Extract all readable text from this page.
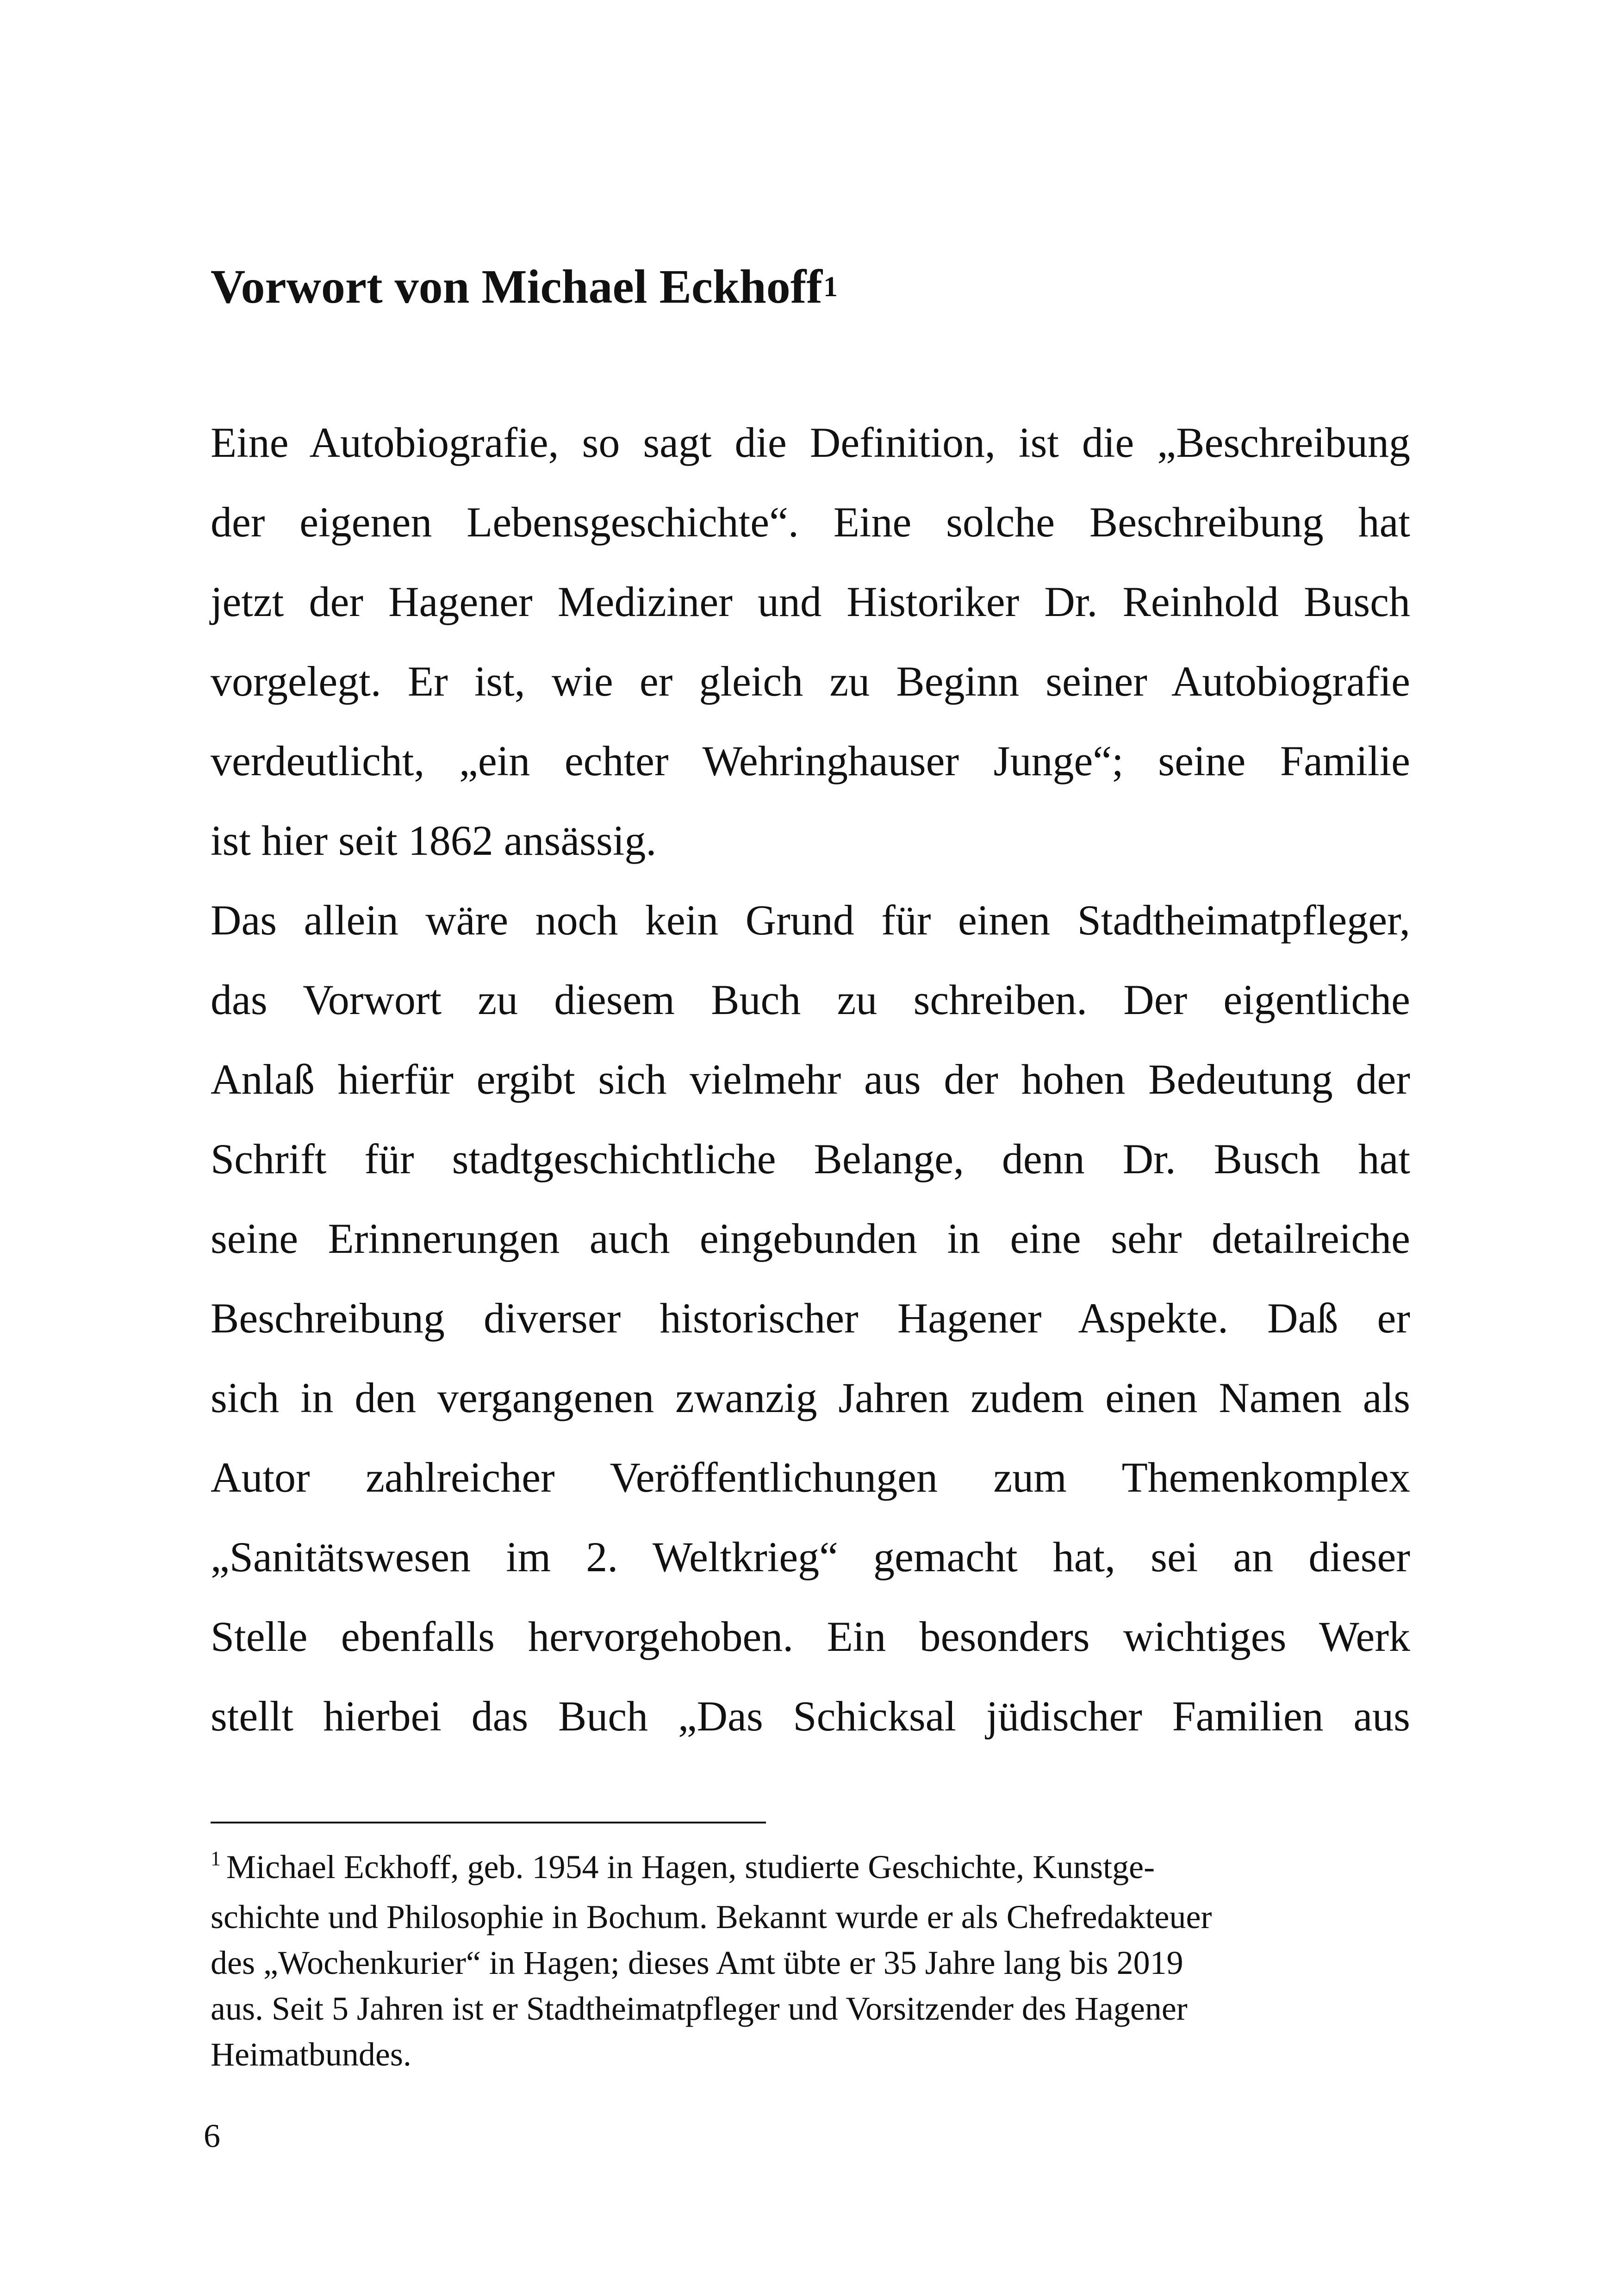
Vorwort von Michael Eckhoff$^1$
Eine Autobiografie, so sagt die Definition, ist die „Beschreibung
der eigenen Lebensgeschichte“. Eine solche Beschreibung hat
jetzt der Hagener Mediziner und Historiker Dr. Reinhold Busch
vorgelegt. Er ist, wie er gleich zu Beginn seiner Autobiografie
verdeutlicht, „ein echter Wehringhauser Junge“; seine Familie
ist hier seit 1862 ansässig.
Das allein wäre noch kein Grund für einen Stadtheimatpfleger,
das Vorwort zu diesem Buch zu schreiben. Der eigentliche
Anlaß hierfür ergibt sich vielmehr aus der hohen Bedeutung der
Schrift für stadtgeschichtliche Belange, denn Dr. Busch hat
seine Erinnerungen auch eingebunden in eine sehr detailreiche
Beschreibung diverser historischer Hagener Aspekte. Daß er
sich in den vergangenen zwanzig Jahren zudem einen Namen als
Autor zahlreicher Veröffentlichungen zum Themenkomplex
„Sanitätswesen im 2. Weltkrieg“ gemacht hat, sei an dieser
Stelle ebenfalls hervorgehoben. Ein besonders wichtiges Werk
stellt hierbei das Buch „Das Schicksal jüdischer Familien aus
$^1$ Michael Eckhoff, geb. 1954 in Hagen, studierte Geschichte, Kunstge-
schichte und Philosophie in Bochum. Bekannt wurde er als Chefredakteuer
des „Wochenkurier“ in Hagen; dieses Amt übte er 35 Jahre lang bis 2019
aus. Seit 5 Jahren ist er Stadtheimatpfleger und Vorsitzender des Hagener
Heimatbundes.
6
